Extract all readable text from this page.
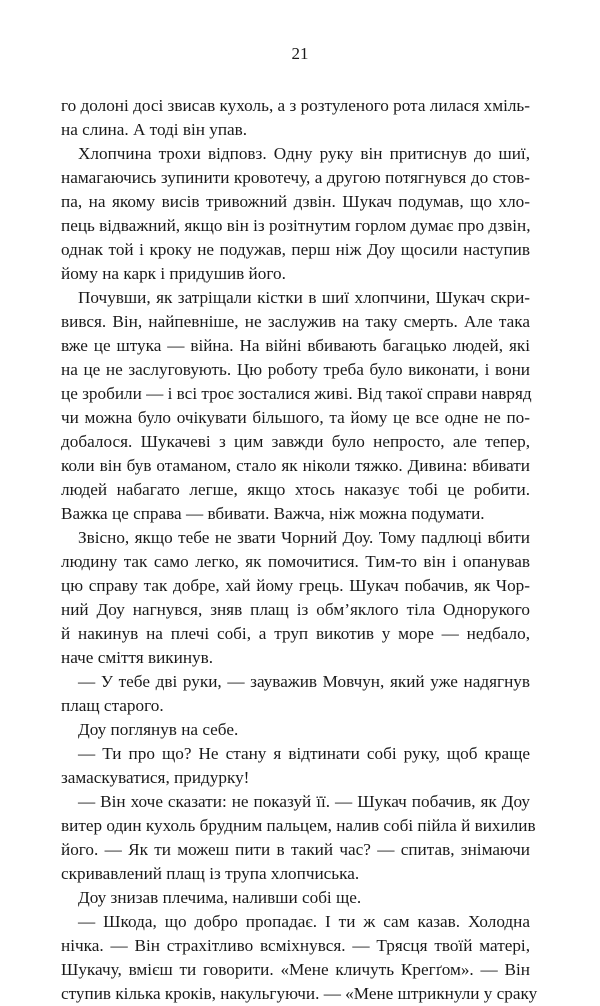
21
го долоні досі звисав кухоль, а з розтуленого рота лилася хміль-
на слина. А тоді він упав.
Хлопчина трохи відповз. Одну руку він притиснув до шиї,
намагаючись зупинити кровотечу, а другою потягнувся до стов-
па, на якому висів тривожний дзвін. Шукач подумав, що хло-
пець відважний, якщо він із розітнутим горлом думає про дзвін,
однак той і кроку не подужав, перш ніж Доу щосили наступив
йому на карк і придушив його.
Почувши, як затріщали кістки в шиї хлопчини, Шукач скри-
вився. Він, найпевніше, не заслужив на таку смерть. Але така
вже це штука — війна. На війні вбивають багацько людей, які
на це не заслуговують. Цю роботу треба було виконати, і вони
це зробили — і всі троє зосталися живі. Від такої справи навряд
чи можна було очікувати більшого, та йому це все одне не по-
добалося. Шукачеві з цим завжди було непросто, але тепер,
коли він був отаманом, стало як ніколи тяжко. Дивина: вбивати
людей набагато легше, якщо хтось наказує тобі це робити.
Важка це справа — вбивати. Важча, ніж можна подумати.
Звісно, якщо тебе не звати Чорний Доу. Тому падлюці вбити
людину так само легко, як помочитися. Тим-то він і опанував
цю справу так добре, хай йому грець. Шукач побачив, як Чор-
ний Доу нагнувся, зняв плащ із обм’яклого тіла Однорукого
й накинув на плечі собі, а труп викотив у море — недбало,
наче сміття викинув.
— У тебе дві руки, — зауважив Мовчун, який уже надягнув
плащ старого.
Доу поглянув на себе.
— Ти про що? Не стану я відтинати собі руку, щоб краще
замаскуватися, придурку!
— Він хоче сказати: не показуй її. — Шукач побачив, як Доу
витер один кухоль брудним пальцем, налив собі пійла й вихилив
його. — Як ти можеш пити в такий час? — спитав, знімаючи
скривавлений плащ із трупа хлопчиська.
Доу знизав плечима, наливши собі ще.
— Шкода, що добро пропадає. І ти ж сам казав. Холодна
нічка. — Він страхітливо всміхнувся. — Трясця твоїй матері,
Шукачу, вмієш ти говорити. «Мене кличуть Крегґом». — Він
ступив кілька кроків, накульгуючи. — «Мене штрикнули у сраку
